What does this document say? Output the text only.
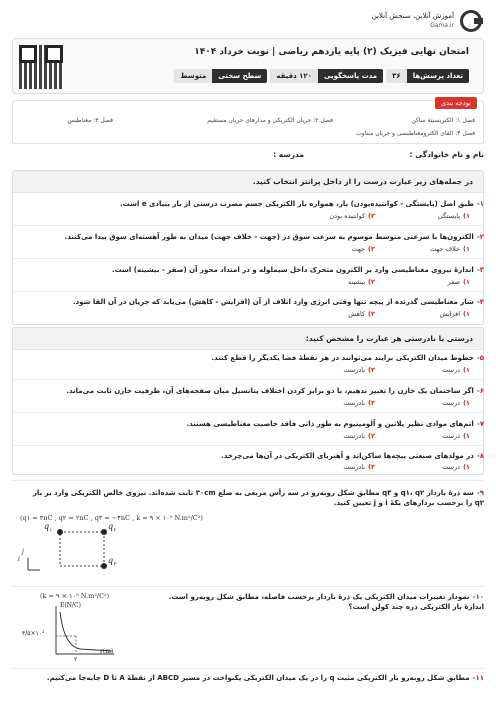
آموزش آنلاین، سنجش آنلاین
Gama.ir
امتحان نهایی فیزیک (۲) پایه یازدهم ریاضی | نوبت خرداد ۱۴۰۴
تعداد پرسش‌ها
۳۶
مدت پاسخگویی
۱۲۰ دقیقه
سطح سختی
متوسط
بودجه بندی
فصل ۱: الکتریسیتهٔ ساکن
فصل ۲: جریان الکتریکی و مدارهای جریان مستقیم
فصل ۳: مغناطیس
فصل ۴: القای الکترومغناطیسی و جریان متناوب
نام و نام خانوادگی :
مدرسه :
در جمله‌های زیر عبارت درست را از داخل پرانتز انتخاب کنید.
۱-طبق اصل (پایستگی - کوانتیده‌بودن) بار، همواره بار الکتریکی جسم مضرب درستی از بار بنیادی e است.
۱)پایستگی
۲)کوانتیده بودن
۲-الکترون‌ها با سرعتی متوسط موسوم به سرعت سوق در (جهت - خلاف جهت) میدان به طور آهسته‌ای سوق پیدا می‌کنند.
۱)خلاف جهت
۲)جهت
۳-اندازهٔ نیروی مغناطیسی وارد بر الکترون متحرک داخل سیملوله و در امتداد محور آن (صفر - بیشینه) است.
۱)صفر
۲)بیشینه
۴-شار مغناطیسی گذرنده از پیچه تنها وقتی انرژی وارد اتلاف از آن (افزایش - کاهش) می‌یابد که جریان در آن القا شود.
۱)افزایش
۲)کاهش
درستی یا نادرستی هر عبارت را مشخص کنید:
۵-خطوط میدان الکتریکی برایند می‌توانند در هر نقطهٔ فضا یکدیگر را قطع کنند.
۱)درست
۲)نادرست
۶-اگر ساختمان یک خازن را تغییر ندهیم، با دو برابر کردن اختلاف پتانسیل میان صفحه‌های آن، ظرفیت خازن ثابت می‌ماند.
۱)درست
۲)نادرست
۷-اتم‌های موادی نظیر پلاتین و آلومینیوم به طور ذاتی فاقد خاصیت مغناطیسی هستند.
۱)درست
۲)نادرست
۸-در مولدهای صنعتی پیچه‌ها ساکن‌اند و آهنربای الکتریکی در آن‌ها می‌چرخد.
۱)درست
۲)نادرست
۹-سه ذرهٔ باردار q۱، q۲ و q۳ مطابق شکل روبه‌رو در سه رأس مربعی به ضلع ۳۰cm ثابت شده‌اند. نیروی خالص الکتریکی وارد بر بار q۲ را برحسب بردارهای یکهٔ i و j تعیین کنید.
(q۱ = ۳nC , q۲ = ۲nC , q۳ = −۴nC , k = ۹ × ۱۰⁹ N.m²/C²)
$q_۱$	$q_۲$
$q_۳$
i
j
۱۰-نمودار تغییرات میدان الکتریکی یک ذرهٔ باردار برحسب فاصله، مطابق شکل روبه‌رو است. اندازهٔ بار الکتریکی ذره چند کولن است؟
(k = ۹ × ۱۰⁹ N.m²/C²)
E(N/C)
r(m)
۴/۵×۱۰³
۲
۱۱-مطابق شکل روبه‌رو بار الکتریکی مثبت q را در یک میدان الکتریکی یکنواخت در مسیر ABCD از نقطهٔ A تا D جابه‌جا می‌کنیم.
